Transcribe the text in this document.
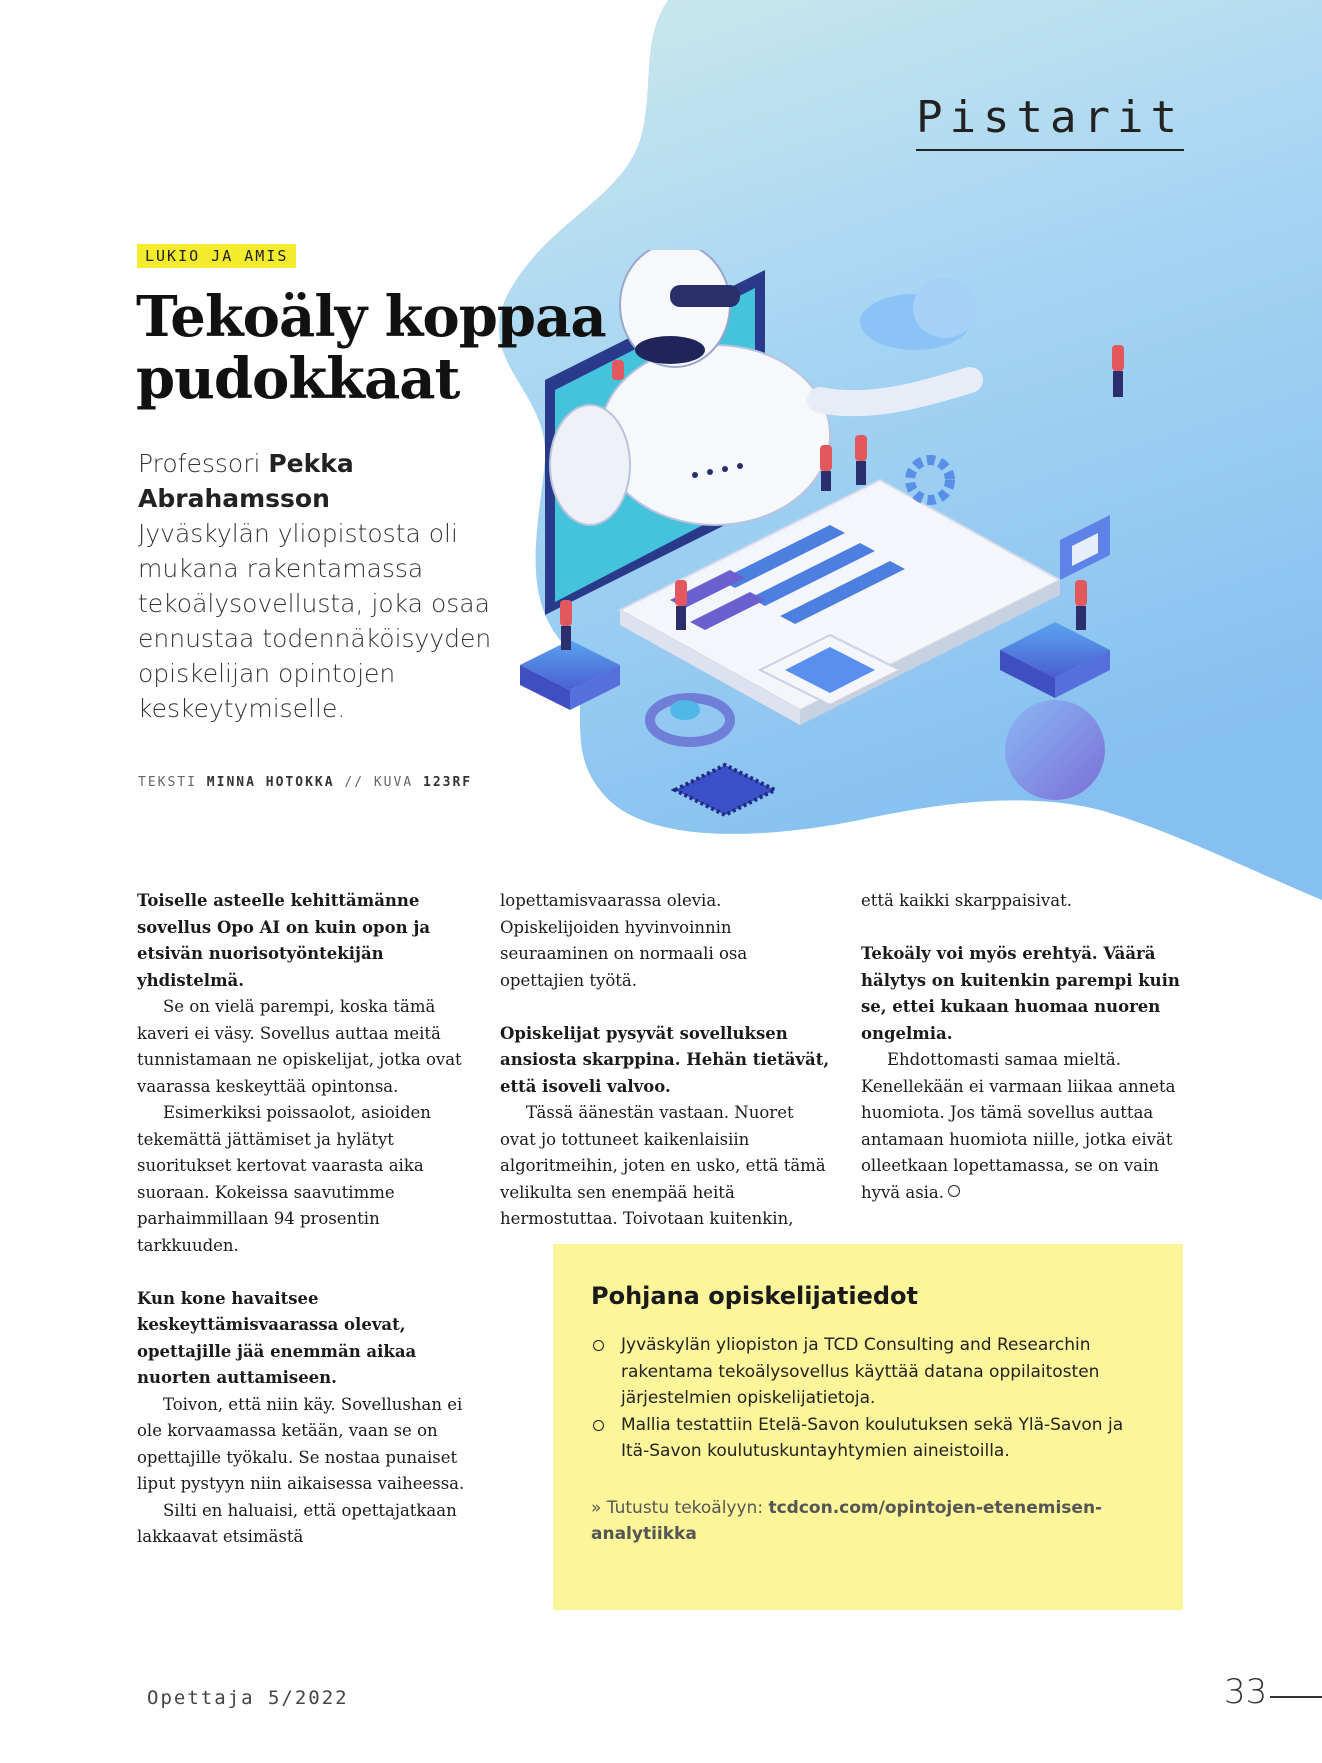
Pistarit
LUKIO JA AMIS
Tekoäly koppaa
pudokkaat
Professori Pekka Abrahamsson
Jyväskylän yliopistosta oli mukana rakentamassa tekoälysovellusta, joka osaa ennustaa todennäköisyyden opiskelijan opintojen keskeytymiselle.
TEKSTI MINNA HOTOKKA // KUVA 123RF

Toiselle asteelle kehittämänne sovellus Opo AI on kuin opon ja etsivän nuorisotyöntekijän yhdistelmä.

Se on vielä parempi, koska tämä kaveri ei väsy. Sovellus auttaa meitä tunnistamaan ne opiskelijat, jotka ovat vaarassa keskeyttää opintonsa.

Esimerkiksi poissaolot, asioiden tekemättä jättämiset ja hylätyt suoritukset kertovat vaarasta aika suoraan. Kokeissa saavutimme parhaimmillaan 94 prosentin tarkkuuden.

Kun kone havaitsee keskeyttämisvaarassa olevat, opettajille jää enemmän aikaa nuorten auttamiseen.

Toivon, että niin käy. Sovellushan ei ole korvaamassa ketään, vaan se on opettajille työkalu. Se nostaa punaiset liput pystyyn niin aikaisessa vaiheessa.

Silti en haluaisi, että opettajatkaan lakkaavat etsimästä

lopettamisvaarassa olevia. Opiskelijoiden hyvinvoinnin seuraaminen on normaali osa opettajien työtä.

Opiskelijat pysyvät sovelluksen ansiosta skarppina. Hehän tietävät, että isoveli valvoo.

Tässä äänestän vastaan. Nuoret ovat jo tottuneet kaikenlaisiin algoritmeihin, joten en usko, että tämä velikulta sen enempää heitä hermostuttaa. Toivotaan kuitenkin,

että kaikki skarppaisivat.

Tekoäly voi myös erehtyä. Väärä hälytys on kuitenkin parempi kuin se, ettei kukaan huomaa nuoren ongelmia.

Ehdottomasti samaa mieltä. Kenellekään ei varmaan liikaa anneta huomiota. Jos tämä sovellus auttaa antamaan huomiota niille, jotka eivät olleetkaan lopettamassa, se on vain hyvä asia.

Pohjana opiskelijatiedot
Jyväskylän yliopiston ja TCD Consulting and Researchin rakentama tekoälysovellus käyttää datana oppilaitosten järjestelmien opiskelijatietoja.
Mallia testattiin Etelä-Savon koulutuksen sekä Ylä-Savon ja Itä-Savon koulutuskuntayhtymien aineistoilla.
» Tutustu tekoälyyn: tcdcon.com/opintojen-etenemisen-analytiikka
Opettaja 5/2022	33
